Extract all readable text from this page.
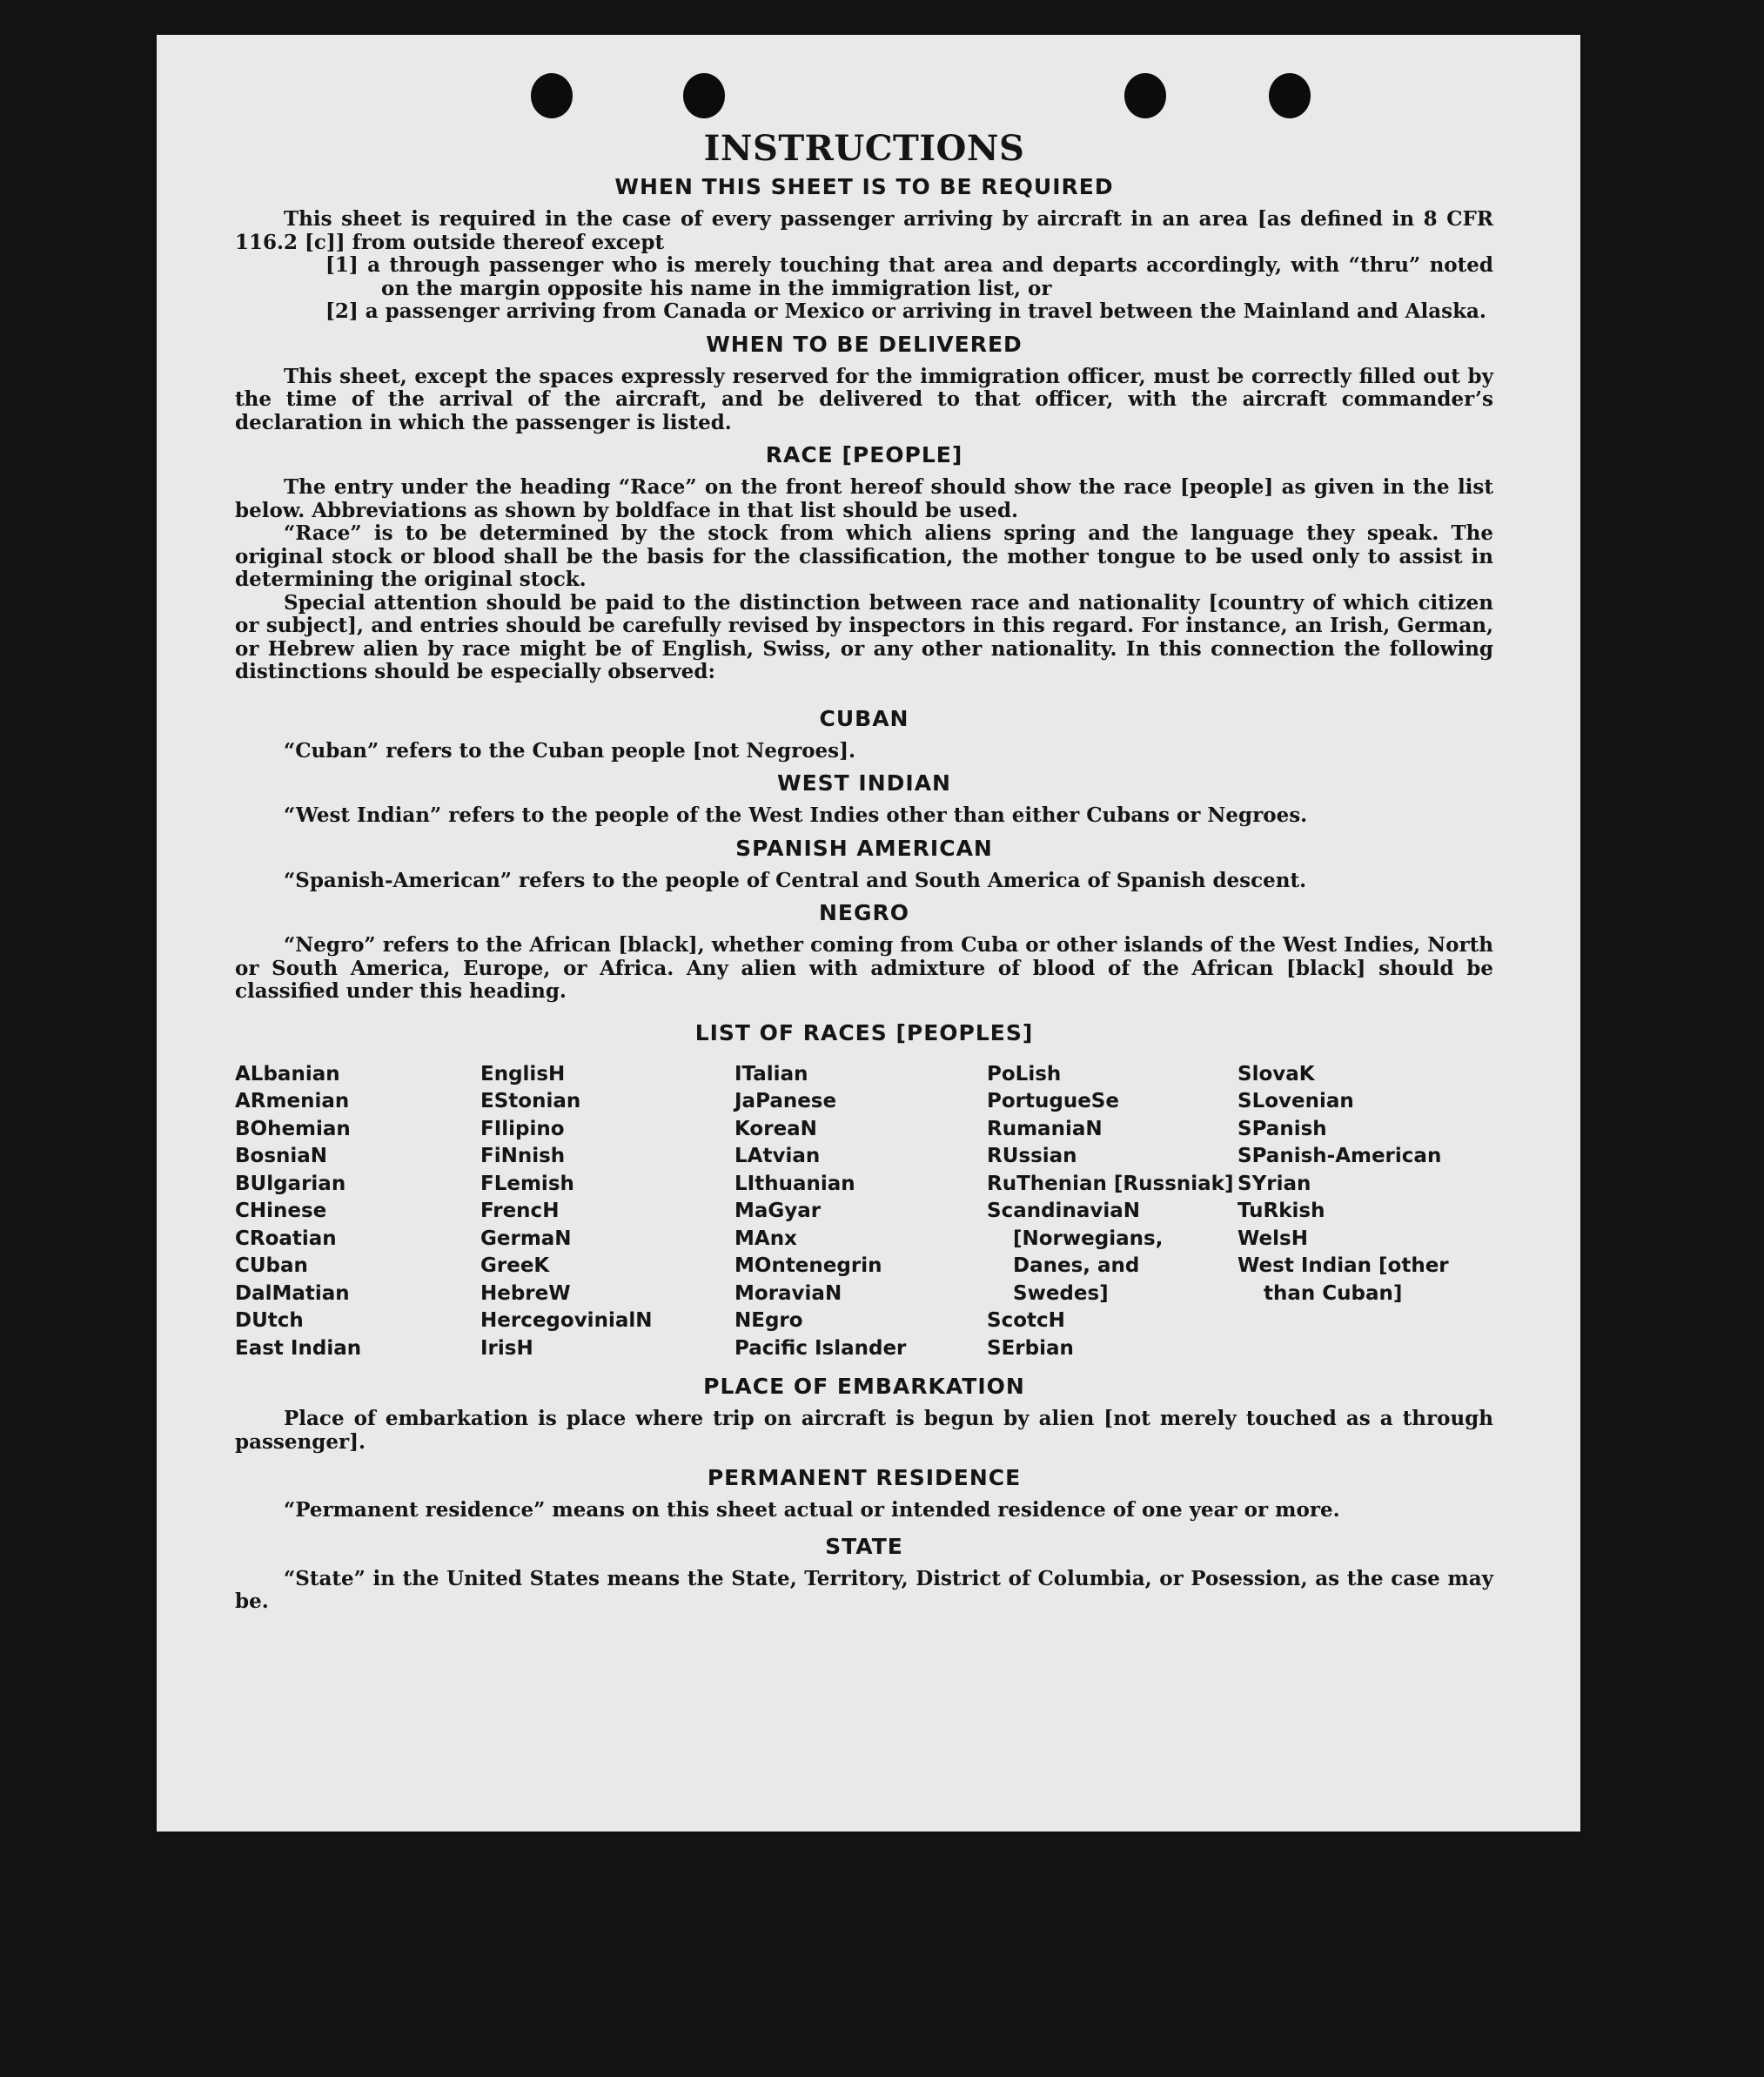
INSTRUCTIONS
WHEN THIS SHEET IS TO BE REQUIRED

This sheet is required in the case of every passenger arriving by aircraft in an area [as defined in 8 CFR 116.2 [c]] from outside thereof except

[1] a through passenger who is merely touching that area and departs accordingly, with “thru” noted on the margin opposite his name in the immigration list, or

[2] a passenger arriving from Canada or Mexico or arriving in travel between the Mainland and Alaska.

WHEN TO BE DELIVERED

This sheet, except the spaces expressly reserved for the immigration officer, must be correctly filled out by the time of the arrival of the aircraft, and be delivered to that officer, with the aircraft commander’s declaration in which the passenger is listed.

RACE [PEOPLE]

The entry under the heading “Race” on the front hereof should show the race [people] as given in the list below. Abbreviations as shown by boldface in that list should be used.

“Race” is to be determined by the stock from which aliens spring and the language they speak. The original stock or blood shall be the basis for the classification, the mother tongue to be used only to assist in determining the original stock.

Special attention should be paid to the distinction between race and nationality [country of which citizen or subject], and entries should be carefully revised by inspectors in this regard. For instance, an Irish, German, or Hebrew alien by race might be of English, Swiss, or any other nationality. In this connection the following distinctions should be especially observed:

CUBAN

“Cuban” refers to the Cuban people [not Negroes].

WEST INDIAN

“West Indian” refers to the people of the West Indies other than either Cubans or Negroes.

SPANISH AMERICAN

“Spanish-American” refers to the people of Central and South America of Spanish descent.

NEGRO

“Negro” refers to the African [black], whether coming from Cuba or other islands of the West Indies, North or South America, Europe, or Africa. Any alien with admixture of blood of the African [black] should be classified under this heading.

LIST OF RACES [PEOPLES]
ALbanian
ARmenian
BOhemian
BosniaN
BUlgarian
CHinese
CRoatian
CUban
DalMatian
DUtch
East Indian
EnglisH
EStonian
FIlipino
FiNnish
FLemish
FrencH
GermaN
GreeK
HebreW
HercegovinialN
IrisH
ITalian
JaPanese
KoreaN
LAtvian
LIthuanian
MaGyar
MAnx
MOntenegrin
MoraviaN
NEgro
Pacific Islander
PoLish
PortugueSe
RumaniaN
RUssian
RuThenian [Russniak]
ScandinaviaN [Norwegians, Danes, and Swedes]
ScotcH
SErbian
SlovaK
SLovenian
SPanish
SPanish-American
SYrian
TuRkish
WelsH
West Indian [other than Cuban]
PLACE OF EMBARKATION

Place of embarkation is place where trip on aircraft is begun by alien [not merely touched as a through passenger].

PERMANENT RESIDENCE

“Permanent residence” means on this sheet actual or intended residence of one year or more.

STATE

“State” in the United States means the State, Territory, District of Columbia, or Posession, as the case may be.
